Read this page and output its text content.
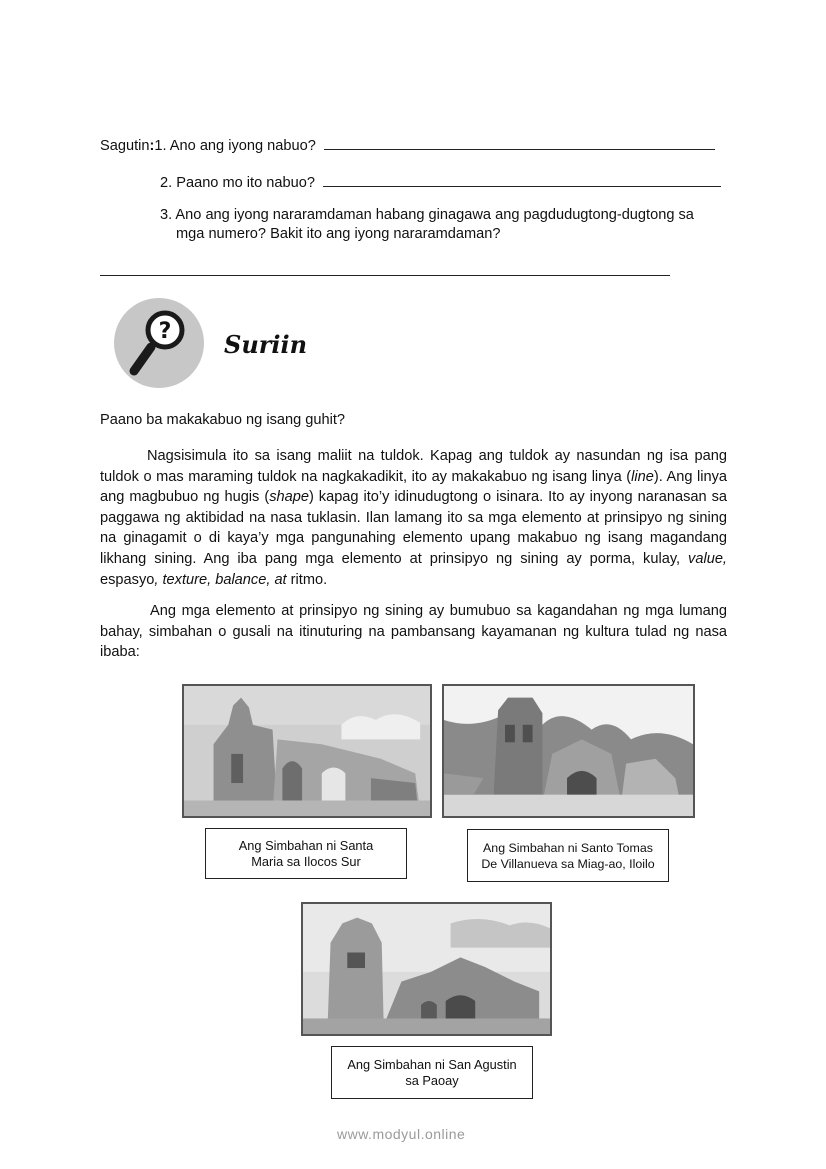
Sagutin:1. Ano ang iyong nabuo?
2. Paano mo ito nabuo?
3. Ano ang iyong nararamdaman habang ginagawa ang pagdudugtong-dugtong sa
mga numero? Bakit ito ang iyong nararamdaman?
? Suriin
Paano ba makakabuo ng isang guhit?
Nagsisimula ito sa isang maliit na tuldok. Kapag ang tuldok ay nasundan ng isa pang tuldok o mas maraming tuldok na nagkakadikit, ito ay makakabuo ng isang linya (line). Ang linya ang magbubuo ng hugis (shape) kapag ito’y idinudugtong o isinara. Ito ay inyong naranasan sa paggawa ng aktibidad na nasa tuklasin. Ilan lamang ito sa mga elemento at prinsipyo ng sining na ginagamit o di kaya’y mga pangunahing elemento upang makabuo ng isang magandang likhang sining. Ang iba pang mga elemento at prinsipyo ng sining ay porma, kulay, value, espasyo, texture, balance, at ritmo.
Ang mga elemento at prinsipyo ng sining ay bumubuo sa kagandahan ng mga lumang bahay, simbahan o gusali na itinuturing na pambansang kayamanan ng kultura tulad ng nasa ibaba:
Ang Simbahan ni Santa
Maria sa Ilocos Sur
Ang Simbahan ni Santo Tomas
De Villanueva sa Miag-ao, Iloilo
Ang Simbahan ni San Agustin
sa Paoay
www.modyul.online
